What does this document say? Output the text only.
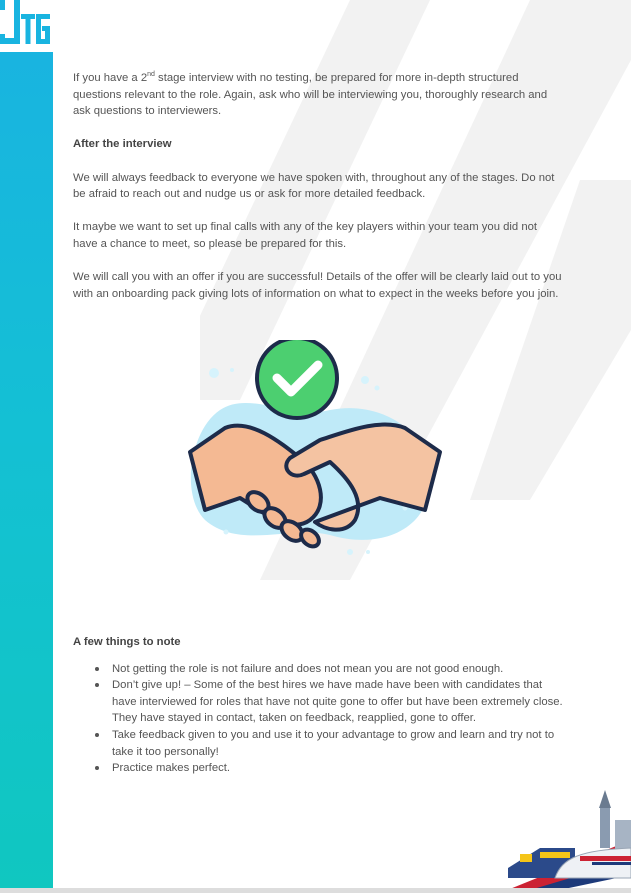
If you have a 2nd stage interview with no testing, be prepared for more in-depth structured questions relevant to the role. Again, ask who will be interviewing you, thoroughly research and ask questions to interviewers.

After the interview

We will always feedback to everyone we have spoken with, throughout any of the stages. Do not be afraid to reach out and nudge us or ask for more detailed feedback.

It maybe we want to set up final calls with any of the key players within your team you did not have a chance to meet, so please be prepared for this.

We will call you with an offer if you are successful! Details of the offer will be clearly laid out to you with an onboarding pack giving lots of information on what to expect in the weeks before you join.

A few things to note
Not getting the role is not failure and does not mean you are not good enough.
Don’t give up! – Some of the best hires we have made have been with candidates that have interviewed for roles that have not quite gone to offer but have been extremely close. They have stayed in contact, taken on feedback, reapplied, gone to offer.
Take feedback given to you and use it to your advantage to grow and learn and try not to take it too personally!
Practice makes perfect.
